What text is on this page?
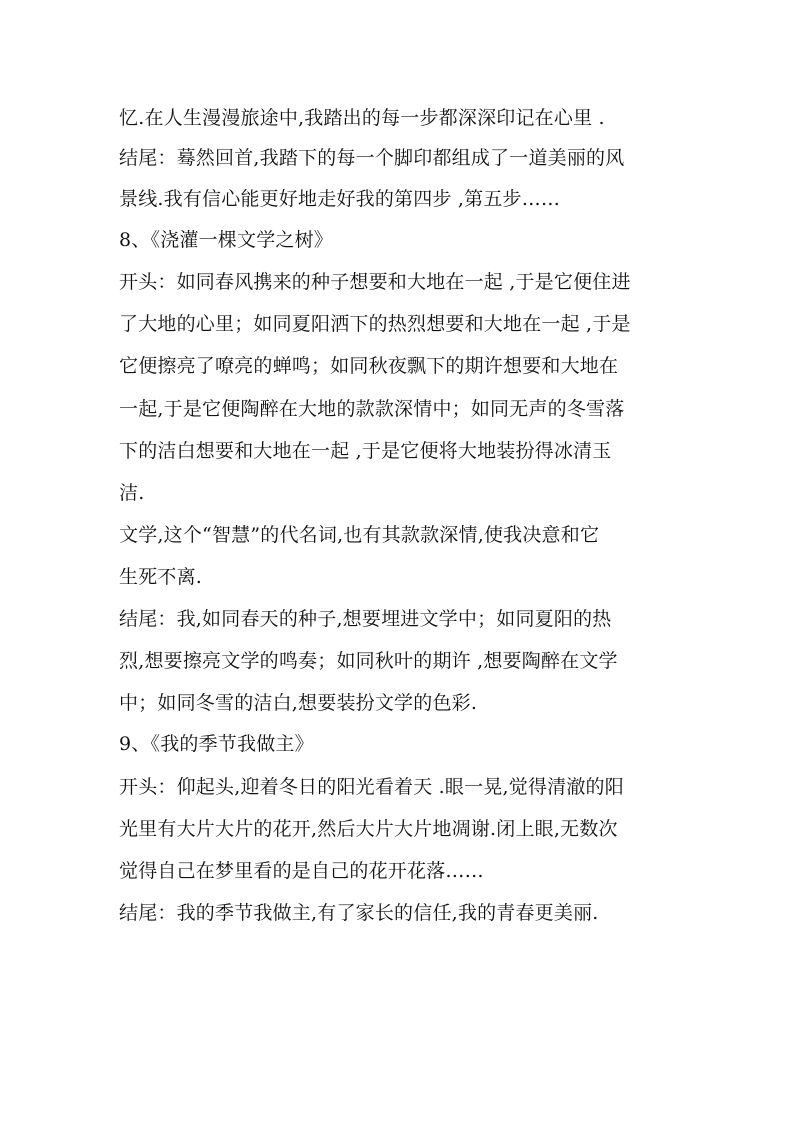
忆.在人生漫漫旅途中,我踏出的每一步都深深印记在心里 .
结尾：蓦然回首,我踏下的每一个脚印都组成了一道美丽的风
景线.我有信心能更好地走好我的第四步 ,第五步……
8、《浇灌一棵文学之树》
开头：如同春风携来的种子想要和大地在一起 ,于是它便住进
了大地的心里；如同夏阳洒下的热烈想要和大地在一起 ,于是
它便擦亮了嘹亮的蝉鸣；如同秋夜飘下的期许想要和大地在
一起,于是它便陶醉在大地的款款深情中；如同无声的冬雪落
下的洁白想要和大地在一起 ,于是它便将大地装扮得冰清玉
洁.
文学,这个“智慧”的代名词,也有其款款深情,使我决意和它
生死不离.
结尾：我,如同春天的种子,想要埋进文学中；如同夏阳的热
烈,想要擦亮文学的鸣奏；如同秋叶的期许 ,想要陶醉在文学
中；如同冬雪的洁白,想要装扮文学的色彩.
9、《我的季节我做主》
开头：仰起头,迎着冬日的阳光看着天 .眼一晃,觉得清澈的阳
光里有大片大片的花开,然后大片大片地凋谢.闭上眼,无数次
觉得自己在梦里看的是自己的花开花落……
结尾：我的季节我做主,有了家长的信任,我的青春更美丽.
